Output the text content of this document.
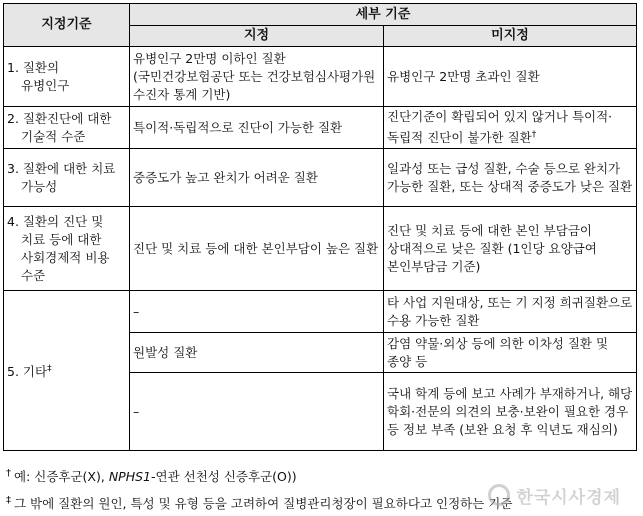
지정기준	세부 기준	
	지정	미지정
1. 질환의
유병인구	유병인구 2만명 이하인 질환 (국민건강보험공단 또는 건강보험심사평가원 수진자 통계 기반)	유병인구 2만명 초과인 질환
2. 질환진단에 대한
기술적 수준	특이적·독립적으로 진단이 가능한 질환	진단기준이 확립되어 있지 않거나 특이적·독립적 진단이 불가한 질환†
3. 질환에 대한 치료
가능성	중증도가 높고 완치가 어려운 질환	일과성 또는 급성 질환, 수술 등으로 완치가 가능한 질환, 또는 상대적 중증도가 낮은 질환
4. 질환의 진단 및
치료 등에 대한
사회경제적 비용
수준	진단 및 치료 등에 대한 본인부담이 높은 질환	진단 및 치료 등에 대한 본인 부담금이 상대적으로 낮은 질환 (1인당 요양급여 본인부담금 기준)
5. 기타‡	–	타 사업 지원대상, 또는 기 지정 희귀질환으로 수용 가능한 질환
	원발성 질환	감염 약물·외상 등에 의한 이차성 질환 및 종양 등
	–	국내 학계 등에 보고 사례가 부재하거나, 해당 학회·전문의 의견의 보충·보완이 필요한 경우 등 정보 부족 (보완 요청 후 익년도 재심의)
† 예: 신증후군(X), NPHS1-연관 선천성 신증후군(O))
‡ 그 밖에 질환의 원인, 특성 및 유형 등을 고려하여 질병관리청장이 필요하다고 인정하는 기준 한국시사경제
